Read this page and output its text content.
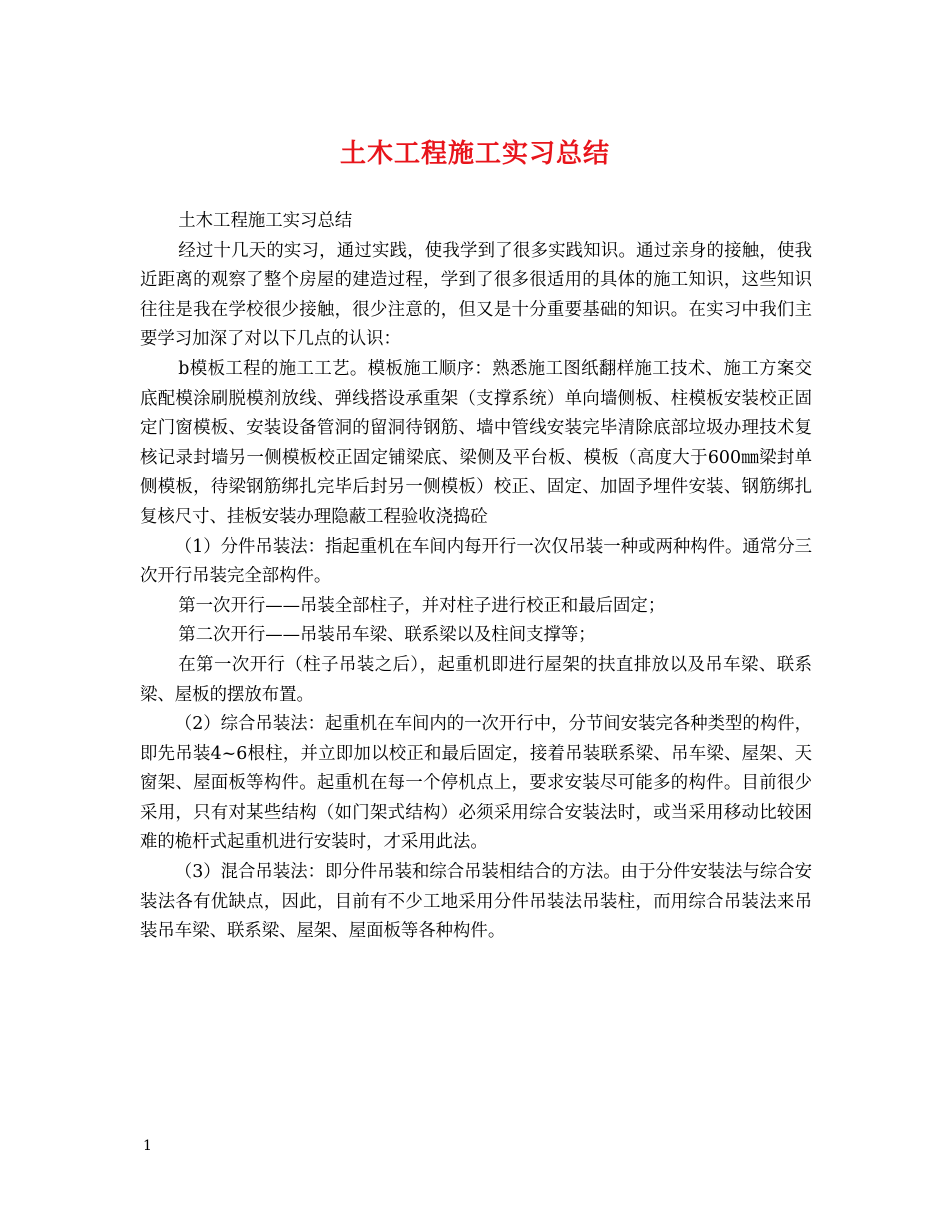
土木工程施工实习总结

土木工程施工实习总结

经过十几天的实习，通过实践，使我学到了很多实践知识。通过亲身的接触，使我近距离的观察了整个房屋的建造过程，学到了很多很适用的具体的施工知识，这些知识往往是我在学校很少接触，很少注意的，但又是十分重要基础的知识。在实习中我们主要学习加深了对以下几点的认识：

b模板工程的施工工艺。模板施工顺序：熟悉施工图纸翻样施工技术、施工方案交底配模涂刷脱模剂放线、弹线搭设承重架（支撑系统）单向墙侧板、柱模板安装校正固定门窗模板、安装设备管洞的留洞待钢筋、墙中管线安装完毕清除底部垃圾办理技术复核记录封墙另一侧模板校正固定铺梁底、梁侧及平台板、模板（高度大于600㎜梁封单侧模板，待梁钢筋绑扎完毕后封另一侧模板）校正、固定、加固予埋件安装、钢筋绑扎复核尺寸、挂板安装办理隐蔽工程验收浇捣砼

（1）分件吊装法：指起重机在车间内每开行一次仅吊装一种或两种构件。通常分三次开行吊装完全部构件。

第一次开行——吊装全部柱子，并对柱子进行校正和最后固定；

第二次开行——吊装吊车梁、联系梁以及柱间支撑等；

在第一次开行（柱子吊装之后），起重机即进行屋架的扶直排放以及吊车梁、联系梁、屋板的摆放布置。

（2）综合吊装法：起重机在车间内的一次开行中，分节间安装完各种类型的构件，即先吊装4~6根柱，并立即加以校正和最后固定，接着吊装联系梁、吊车梁、屋架、天窗架、屋面板等构件。起重机在每一个停机点上，要求安装尽可能多的构件。目前很少采用，只有对某些结构（如门架式结构）必须采用综合安装法时，或当采用移动比较困难的桅杆式起重机进行安装时，才采用此法。

（3）混合吊装法：即分件吊装和综合吊装相结合的方法。由于分件安装法与综合安装法各有优缺点，因此，目前有不少工地采用分件吊装法吊装柱，而用综合吊装法来吊装吊车梁、联系梁、屋架、屋面板等各种构件。

1
